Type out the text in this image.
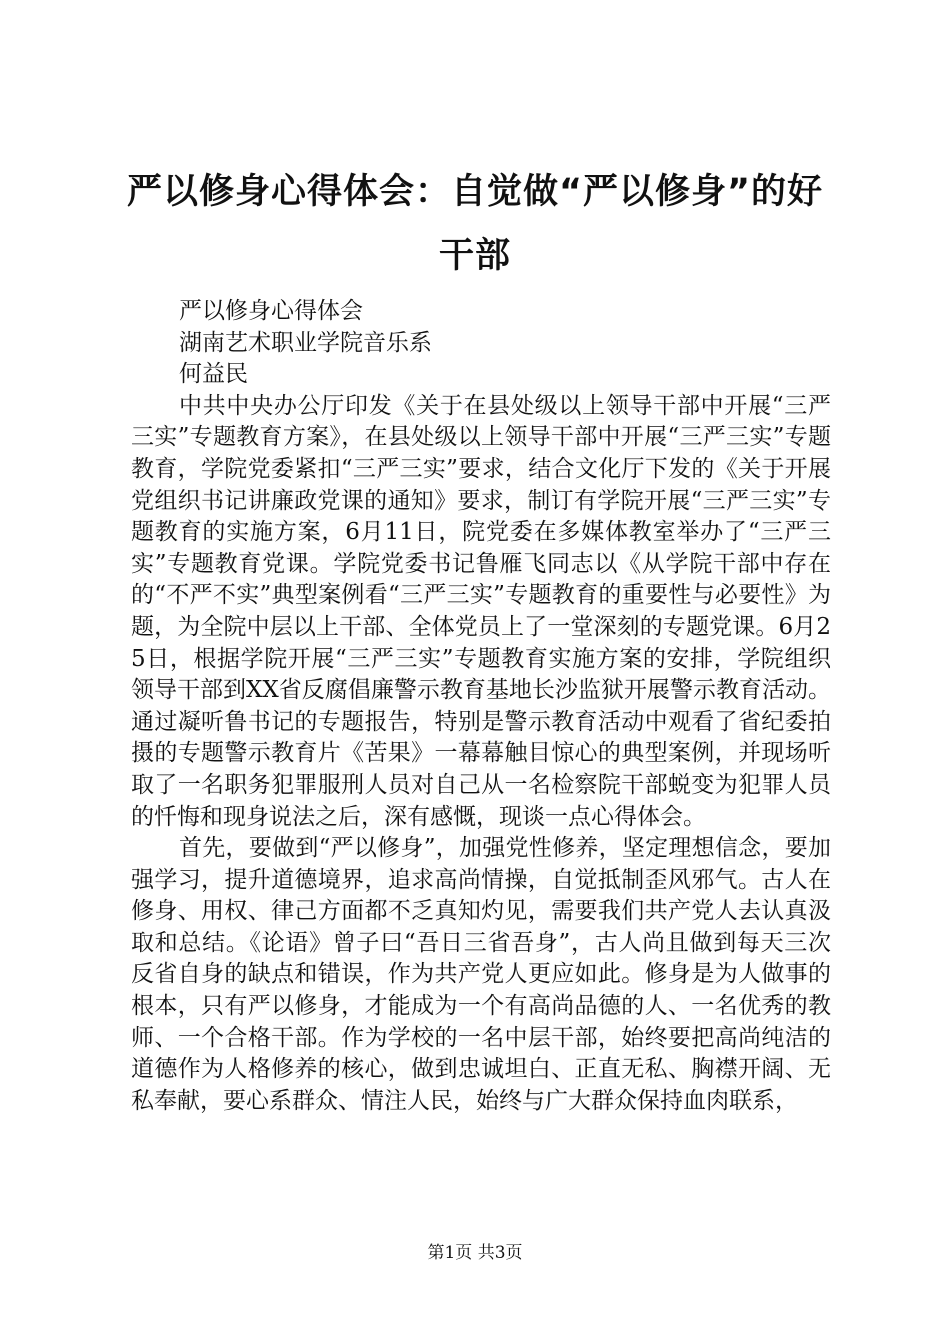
严以修身心得体会：自觉做“严以修身”的好干部
严以修身心得体会
湖南艺术职业学院音乐系
何益民

中共中央办公厅印发《关于在县处级以上领导干部中开展“三严三实”专题教育方案》，在县处级以上领导干部中开展“三严三实”专题教育，学院党委紧扣“三严三实”要求，结合文化厅下发的《关于开展党组织书记讲廉政党课的通知》要求，制订有学院开展“三严三实”专题教育的实施方案，6月11日，院党委在多媒体教室举办了“三严三实”专题教育党课。学院党委书记鲁雁飞同志以《从学院干部中存在的“不严不实”典型案例看“三严三实”专题教育的重要性与必要性》为题，为全院中层以上干部、全体党员上了一堂深刻的专题党课。6月25日，根据学院开展“三严三实”专题教育实施方案的安排，学院组织领导干部到XX省反腐倡廉警示教育基地长沙监狱开展警示教育活动。通过凝听鲁书记的专题报告，特别是警示教育活动中观看了省纪委拍摄的专题警示教育片《苦果》一幕幕触目惊心的典型案例，并现场听取了一名职务犯罪服刑人员对自己从一名检察院干部蜕变为犯罪人员的忏悔和现身说法之后，深有感慨，现谈一点心得体会。

首先，要做到“严以修身”，加强党性修养，坚定理想信念，要加强学习，提升道德境界，追求高尚情操，自觉抵制歪风邪气。古人在修身、用权、律己方面都不乏真知灼见，需要我们共产党人去认真汲取和总结。《论语》曾子曰“吾日三省吾身”，古人尚且做到每天三次反省自身的缺点和错误，作为共产党人更应如此。修身是为人做事的根本，只有严以修身，才能成为一个有高尚品德的人、一名优秀的教师、一个合格干部。作为学校的一名中层干部，始终要把高尚纯洁的道德作为人格修养的核心，做到忠诚坦白、正直无私、胸襟开阔、无私奉献，要心系群众、情注人民，始终与广大群众保持血肉联系，

第1页 共3页
